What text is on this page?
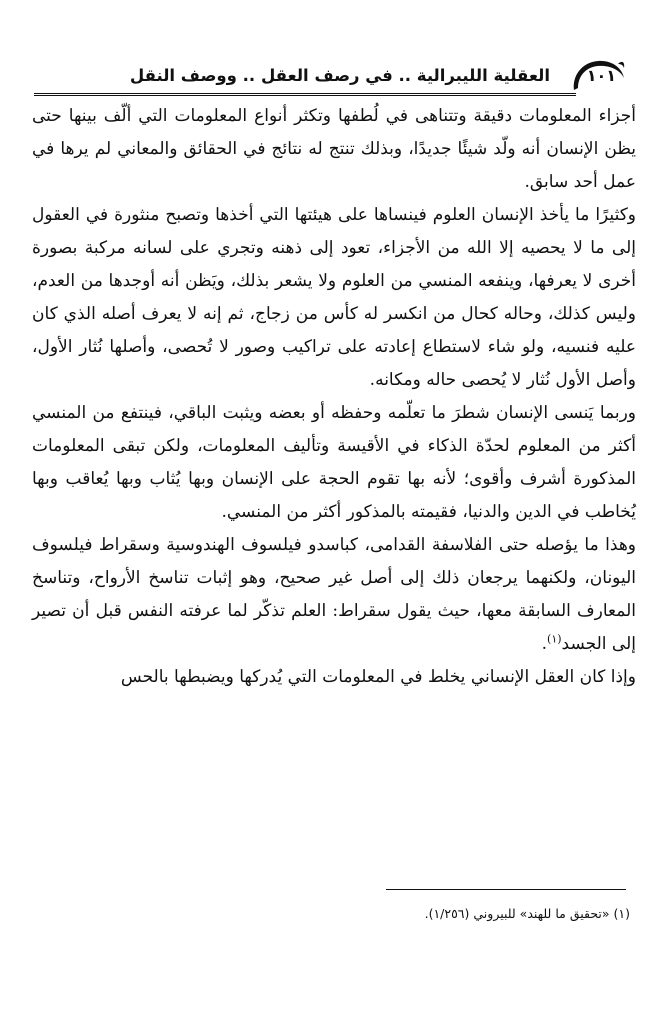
١٠١
العقلية الليبرالية .. في رصف العقل .. ووصف النقل

أجزاء المعلومات دقيقة وتتناهى في لُطفها وتكثر أنواع المعلومات التي ألّف بينها حتى يظن الإنسان أنه ولّد شيئًا جديدًا، وبذلك تنتج له نتائج في الحقائق والمعاني لم يرها في عمل أحد سابق.

وكثيرًا ما يأخذ الإنسان العلوم فينساها على هيئتها التي أخذها وتصبح منثورة في العقول إلى ما لا يحصيه إلا الله من الأجزاء، تعود إلى ذهنه وتجري على لسانه مركبة بصورة أخرى لا يعرفها، وينفعه المنسي من العلوم ولا يشعر بذلك، ويَظن أنه أوجدها من العدم، وليس كذلك، وحاله كحال من انكسر له كأس من زجاج، ثم إنه لا يعرف أصله الذي كان عليه فنسيه، ولو شاء لاستطاع إعادته على تراكيب وصور لا تُحصى، وأصلها نُثار الأول، وأصل الأول نُثار لا يُحصى حاله ومكانه.

وربما يَنسى الإنسان شطرَ ما تعلّمه وحفظه أو بعضه ويثبت الباقي، فينتفع من المنسي أكثر من المعلوم لحدّة الذكاء في الأقيسة وتأليف المعلومات، ولكن تبقى المعلومات المذكورة أشرف وأقوى؛ لأنه بها تقوم الحجة على الإنسان وبها يُثاب وبها يُعاقب وبها يُخاطب في الدين والدنيا، فقيمته بالمذكور أكثر من المنسي.

وهذا ما يؤصله حتى الفلاسفة القدامى، كباسدو فيلسوف الهندوسية وسقراط فيلسوف اليونان، ولكنهما يرجعان ذلك إلى أصل غير صحيح، وهو إثبات تناسخ الأرواح، وتناسخ المعارف السابقة معها، حيث يقول سقراط: العلم تذكّر لما عرفته النفس قبل أن تصير إلى الجسد$^{(١)}$.

وإذا كان العقل الإنساني يخلط في المعلومات التي يُدركها ويضبطها بالحس

(١) «تحقيق ما للهند» للبيروني (١/٢٥٦).
